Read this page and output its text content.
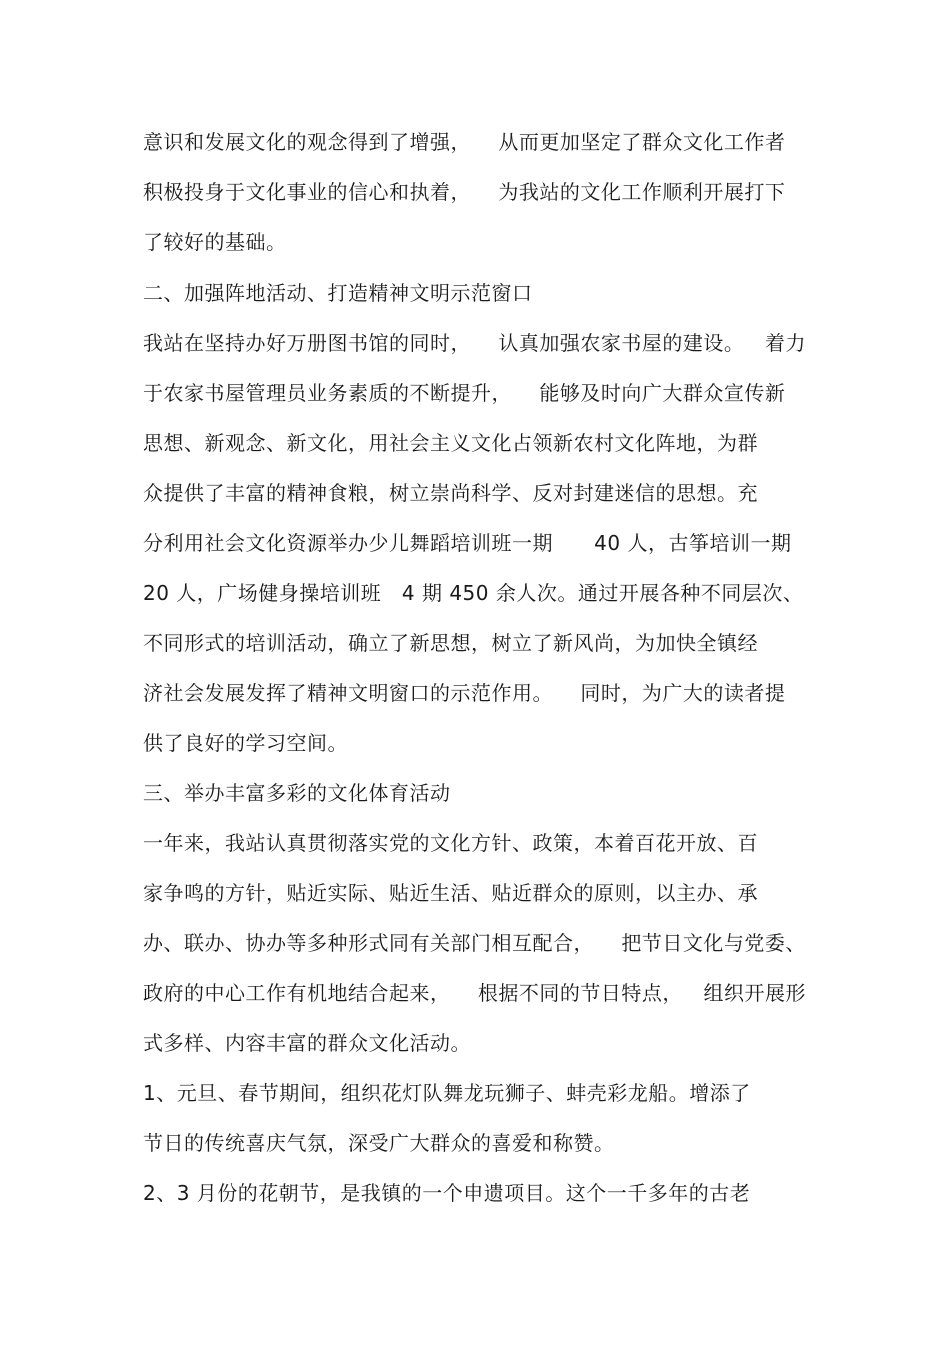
意识和发展文化的观念得到了增强，    从而更加坚定了群众文化工作者
积极投身于文化事业的信心和执着，    为我站的文化工作顺利开展打下
了较好的基础。
二、加强阵地活动、打造精神文明示范窗口
我站在坚持办好万册图书馆的同时，    认真加强农家书屋的建设。   着力
于农家书屋管理员业务素质的不断提升，    能够及时向广大群众宣传新
思想、新观念、新文化，用社会主义文化占领新农村文化阵地，为群
众提供了丰富的精神食粮，树立崇尚科学、反对封建迷信的思想。充
分利用社会文化资源举办少儿舞蹈培训班一期      40 人，古筝培训一期
20 人，广场健身操培训班   4 期 450 余人次。通过开展各种不同层次、
不同形式的培训活动，确立了新思想，树立了新风尚，为加快全镇经
济社会发展发挥了精神文明窗口的示范作用。    同时，为广大的读者提
供了良好的学习空间。
三、举办丰富多彩的文化体育活动
一年来，我站认真贯彻落实党的文化方针、政策，本着百花开放、百
家争鸣的方针，贴近实际、贴近生活、贴近群众的原则，以主办、承
办、联办、协办等多种形式同有关部门相互配合，    把节日文化与党委、
政府的中心工作有机地结合起来，    根据不同的节日特点，   组织开展形
式多样、内容丰富的群众文化活动。
1、元旦、春节期间，组织花灯队舞龙玩狮子、蚌壳彩龙船。增添了
节日的传统喜庆气氛，深受广大群众的喜爱和称赞。
2、3 月份的花朝节，是我镇的一个申遗项目。这个一千多年的古老
